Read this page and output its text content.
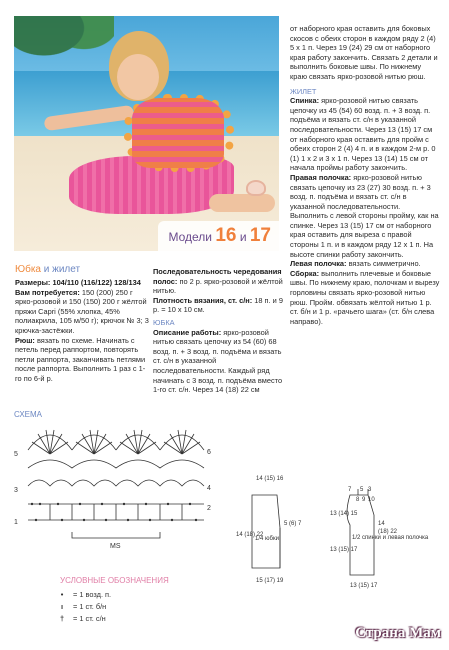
Модели 16 и 17

от наборного края оставить для боковых скосов с обеих сторон в каждом ряду 2 (4) 5 x 1 п. Через 19 (24) 29 см от наборного края работу закончить. Связать 2 детали и выполнить боковые швы. По нижнему краю связать ярко-розовой нитью рюш.

ЖИЛЕТ

Спинка: ярко-розовой нитью связать цепочку из 45 (54) 60 возд. п. + 3 возд. п. подъёма и вязать ст. с/н в указанной последовательности. Через 13 (15) 17 см от наборного края оставить для пройм с обеих сторон 2 (4) 4 п. и в каждом 2-м р. 0 (1) 1 x 2 и 3 x 1 п. Через 13 (14) 15 см от начала проймы работу закончить.

Правая полочка: ярко-розовой нитью связать цепочку из 23 (27) 30 возд. п. + 3 возд. п. подъёма и вязать ст. с/н в указанной последовательности. Выполнить с левой стороны пройму, как на спинке. Через 13 (15) 17 см от наборного края оставить для выреза с правой стороны 1 п. и в каждом ряду 12 x 1 п. На высоте спинки работу закончить.

Левая полочка: вязать симметрично.

Сборка: выполнить плечевые и боковые швы. По нижнему краю, полочкам и вырезу горловины связать ярко-розовой нитью рюш. Пройм. обвязать жёлтой нитью 1 р. ст. б/н и 1 р. «рачьего шага» (ст. б/н слева направо).

Юбка и жилет

Размеры: 104/110 (116/122) 128/134

Вам потребуется: 150 (200) 250 г ярко-розовой и 150 (150) 200 г жёлтой пряжи Capri (55% хлопка, 45% полиакрила, 105 м/50 г); крючок № 3; 3 крючка-застёжки.

Рюш: вязать по схеме. Начинать с петель перед раппортом, повторять петли раппорта, заканчивать петлями после раппорта. Выполнить 1 раз с 1-го по 6-й р.

Последовательность чередования полос: по 2 р. ярко-розовой и жёлтой нитью.

Плотность вязания, ст. с/н: 18 п. и 9 р. = 10 x 10 см.

ЮБКА

Описание работы: ярко-розовой нитью связать цепочку из 54 (60) 68 возд. п. + 3 возд. п. подъёма и вязать ст. с/н в указанной последовательности. Каждый ряд начинать с 3 возд. п. подъёма вместо 1-го ст. с/н. Через 14 (18) 22 см

СХЕМА
5
3
1
6
4
2
MS
14 (15) 16
14 (18) 22
5 (6) 7
1/4 юбки
15 (17) 19
7 5 3
8 9 10
13 (14) 15
13 (15) 17
1/2 спинки и левая полочка
14
(18) 22
13 (15) 17
УСЛОВНЫЕ ОБОЗНАЧЕНИЯ
•	= 1 возд. п.
ı	= 1 ст. б/н
†	= 1 ст. с/н
Страна Мам
